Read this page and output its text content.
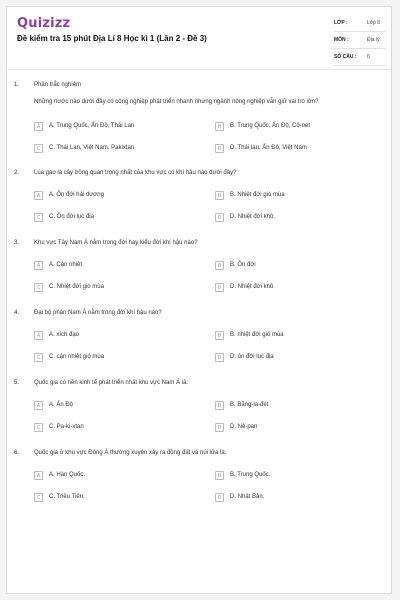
Quizizz
Đề kiểm tra 15 phút Địa Lí 8 Học kì 1 (Lần 2 - Đề 3)
LỚP :	Lớp 8
MÔN :	Địa lý
SỐ CÂU : 6
1. Phần trắc nghiệm
Những nước nào dưới đây có công nghiệp phát triển nhanh nhưng ngành nông nghiệp vẫn giữ vai trò lớn?
A	A. Trung Quốc, Ấn Độ, Thái Lan	B	B. Trung Quốc, Ấn Độ, Cô-oet
C	C. Thái Lan, Việt Nam, Pakixtan	D	D. Thái lan, Ấn Độ, Việt Nam
2. Lúa gạo là cây trồng quan trọng nhất của khu vực có khí hậu nào dưới đây?
A	A. Ôn đới hải dương	B	B. Nhiệt đới gió mùa
C	C. Ôn đới lục địa	D	D. Nhiệt đới khô.
3. Khu vực Tây Nam Á nằm trong đới hay kiểu đới khí hậu nào?
A	A. Cận nhiệt	B	B. Ôn đới
C	C. Nhiệt đới gió mùa	D	D. Nhiệt đới khô
4. Đại bộ phận Nam Á nằm trong đới khí hậu nào?
A	A. xích đạo	B	B. nhiệt đới gió mùa
C	C. cận nhiệt gió mùa	D	D. ôn đới lục địa
5. Quốc gia có nền kinh tế phát triển nhất khu vực Nam Á là:
A	A. Ấn Độ	B	B. Băng-la-đét
C	C. Pa-ki-xtan	D	D. Nê-pan
6. Quốc gia ở khu vực Đông Á thường xuyên xảy ra động đất và núi lửa là:
A	A. Hàn Quốc.	B	B. Trung Quốc.
C	C. Triều Tiên.	D	D. Nhật Bản.
